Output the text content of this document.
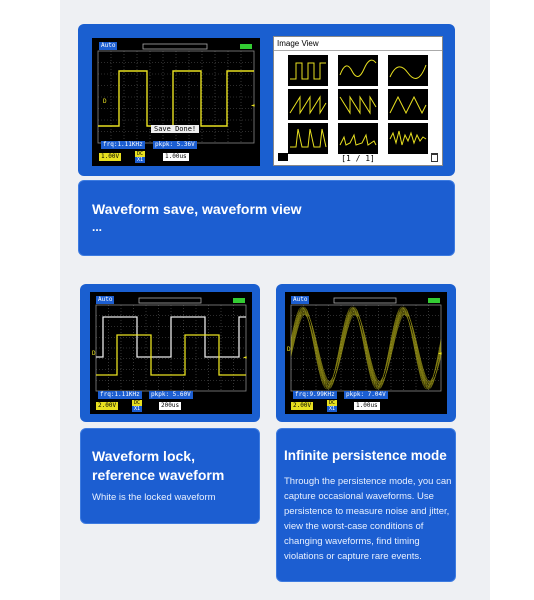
D
◄
Auto
Save Done!
frq:1.11KHz	pkpk: 5.36V
1.00V	DC
X1	1.00us
Image View
[1 / 1]
Waveform save, waveform view
...
D
◄
Auto
frq:1.11KHz	pkpk: 5.60V
2.00V	DC
X1	200us
Waveform lock,
reference waveform
White is the locked waveform
D
◄
Auto
frq:9.99KHz	pkpk: 7.04V
2.00V	DC
X1	1.00us
Infinite persistence mode
Through the persistence mode, you can
capture occasional waveforms. Use
persistence to measure noise and jitter,
view the worst-case conditions of
changing waveforms, find timing
violations or capture rare events.
